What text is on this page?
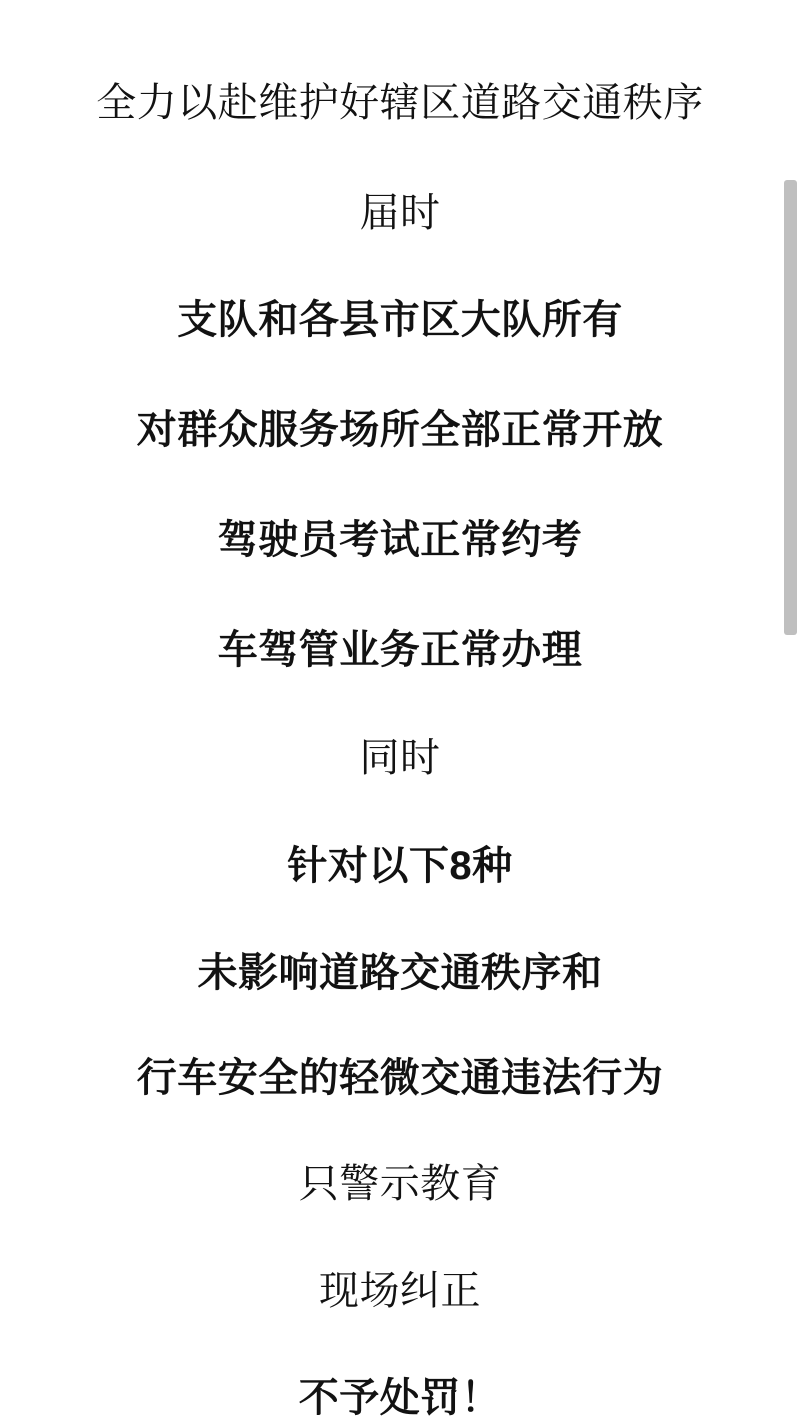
全力以赴维护好辖区道路交通秩序

届时

支队和各县市区大队所有

对群众服务场所全部正常开放

驾驶员考试正常约考

车驾管业务正常办理

同时

针对以下8种

未影响道路交通秩序和

行车安全的轻微交通违法行为

只警示教育

现场纠正

不予处罚！
